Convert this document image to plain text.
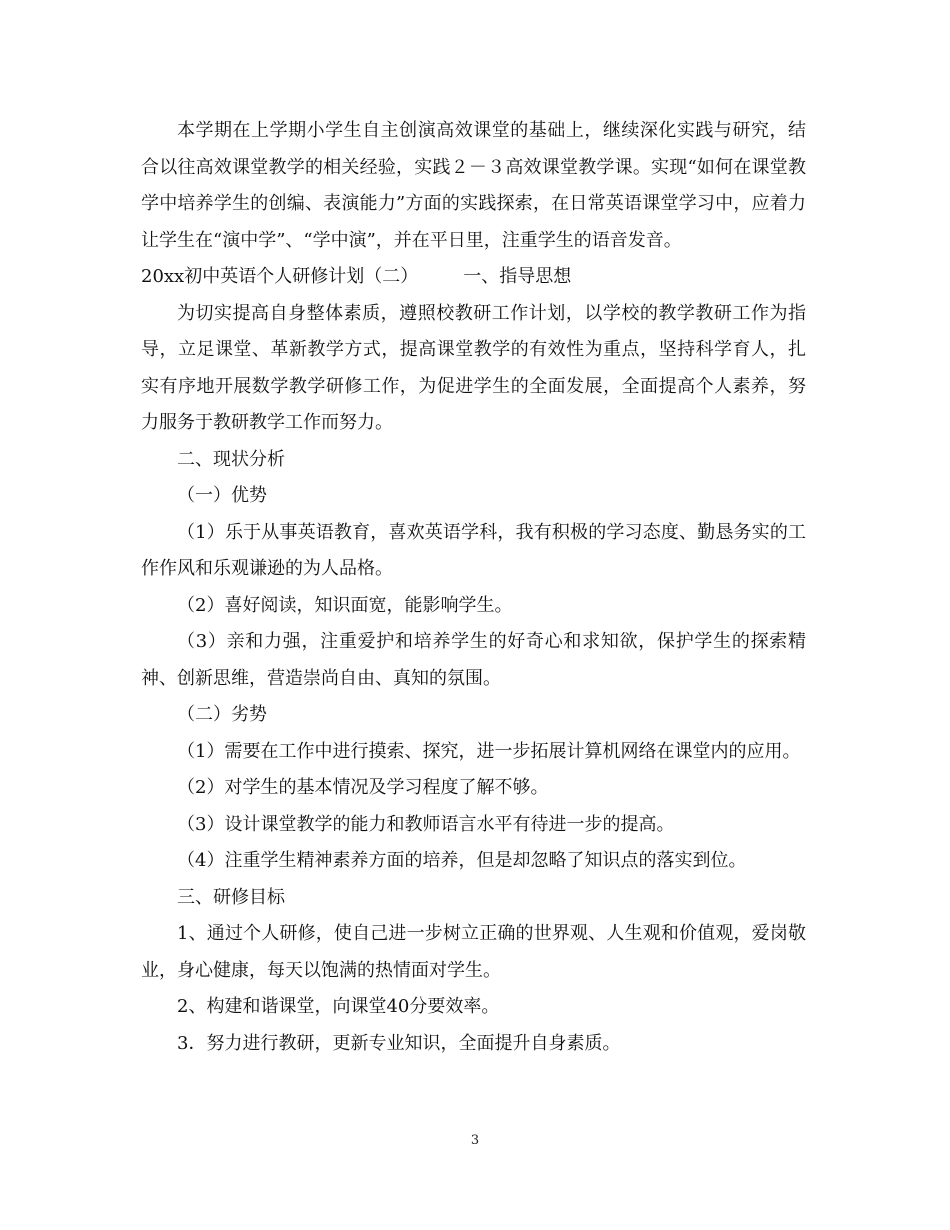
本学期在上学期小学生自主创演高效课堂的基础上，继续深化实践与研究，结合以往高效课堂教学的相关经验，实践２－３高效课堂教学课。实现“如何在课堂教学中培养学生的创编、表演能力”方面的实践探索，在日常英语课堂学习中，应着力让学生在“演中学”、“学中演”，并在平日里，注重学生的语音发音。

20xx初中英语个人研修计划（二）　　　一、指导思想

为切实提高自身整体素质，遵照校教研工作计划，以学校的教学教研工作为指导，立足课堂、革新教学方式，提高课堂教学的有效性为重点，坚持科学育人，扎实有序地开展数学教学研修工作，为促进学生的全面发展，全面提高个人素养，努力服务于教研教学工作而努力。

二、现状分析

（一）优势

（1）乐于从事英语教育，喜欢英语学科，我有积极的学习态度、勤恳务实的工作作风和乐观谦逊的为人品格。

（2）喜好阅读，知识面宽，能影响学生。

（3）亲和力强，注重爱护和培养学生的好奇心和求知欲，保护学生的探索精神、创新思维，营造崇尚自由、真知的氛围。

（二）劣势

（1）需要在工作中进行摸索、探究，进一步拓展计算机网络在课堂内的应用。

（2）对学生的基本情况及学习程度了解不够。

（3）设计课堂教学的能力和教师语言水平有待进一步的提高。

（4）注重学生精神素养方面的培养，但是却忽略了知识点的落实到位。

三、研修目标

1、通过个人研修，使自己进一步树立正确的世界观、人生观和价值观，爱岗敬业，身心健康，每天以饱满的热情面对学生。

2、构建和谐课堂，向课堂40分要效率。

3．努力进行教研，更新专业知识，全面提升自身素质。

3
